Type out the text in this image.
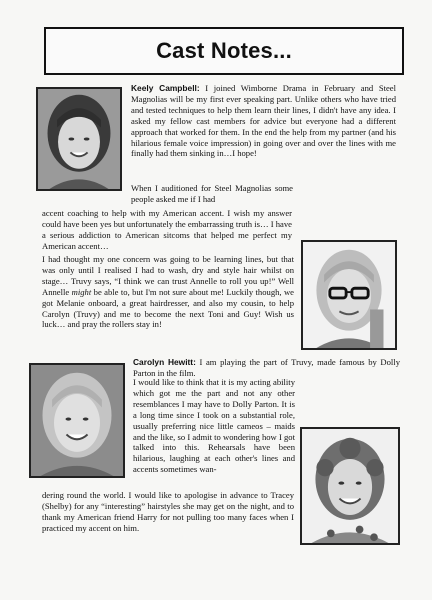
Cast Notes...

Keely Campbell: I joined Wimborne Drama in February and Steel Magnolias will be my first ever speaking part. Unlike others who have tried and tested techniques to help them learn their lines, I didn't have any idea. I asked my fellow cast members for advice but everyone had a different approach that worked for them. In the end the help from my partner (and his hilarious female voice impression) in going over and over the lines with me finally had them sinking in…I hope!

When I auditioned for Steel Magnolias some people asked me if I had

accent coaching to help with my American accent. I wish my answer could have been yes but unfortunately the embarrassing truth is… I have a serious addiction to American sitcoms that helped me perfect my American accent…

I had thought my one concern was going to be learning lines, but that was only until I realised I had to wash, dry and style hair whilst on stage… Truvy says, “I think we can trust Annelle to roll you up!” Well Annelle might be able to, but I'm not sure about me! Luckily though, we got Melanie onboard, a great hairdresser, and also my cousin, to help Carolyn (Truvy) and me to become the next Toni and Guy! Wish us luck… and pray the rollers stay in!

Carolyn Hewitt: I am playing the part of Truvy, made famous by Dolly Parton in the film.

I would like to think that it is my acting ability which got me the part and not any other resemblances I may have to Dolly Parton. It is a long time since I took on a substantial role, usually preferring nice little cameos – maids and the like, so I admit to wondering how I got talked into this. Rehearsals have been hilarious, laughing at each other's lines and accents sometimes wan-

dering round the world. I would like to apologise in advance to Tracey (Shelby) for any “interesting” hairstyles she may get on the night, and to thank my American friend Harry for not pulling too many faces when I practiced my accent on him.
